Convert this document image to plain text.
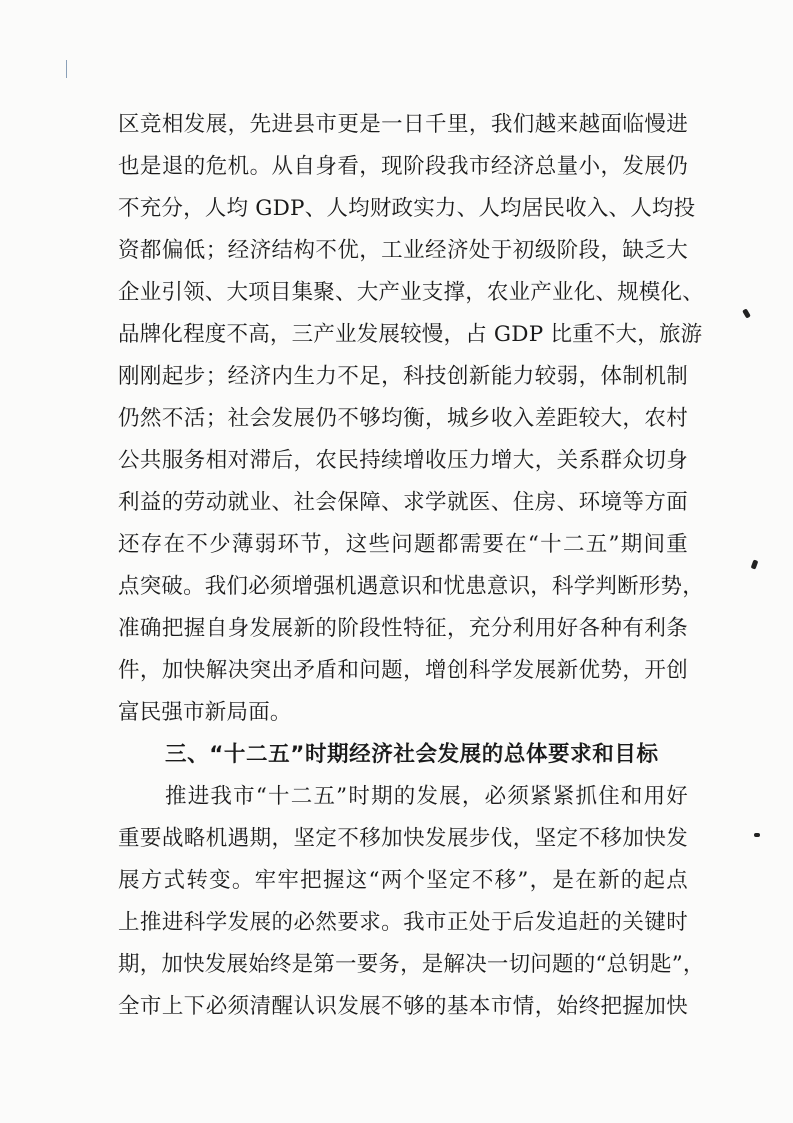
区竞相发展，先进县市更是一日千里，我们越来越面临慢进
也是退的危机。从自身看，现阶段我市经济总量小，发展仍
不充分，人均 GDP、人均财政实力、人均居民收入、人均投
资都偏低；经济结构不优，工业经济处于初级阶段，缺乏大
企业引领、大项目集聚、大产业支撑，农业产业化、规模化、
品牌化程度不高，三产业发展较慢，占 GDP 比重不大，旅游
刚刚起步；经济内生力不足，科技创新能力较弱，体制机制
仍然不活；社会发展仍不够均衡，城乡收入差距较大，农村
公共服务相对滞后，农民持续增收压力增大，关系群众切身
利益的劳动就业、社会保障、求学就医、住房、环境等方面
还存在不少薄弱环节，这些问题都需要在“十二五”期间重
点突破。我们必须增强机遇意识和忧患意识，科学判断形势，
准确把握自身发展新的阶段性特征，充分利用好各种有利条
件，加快解决突出矛盾和问题，增创科学发展新优势，开创
富民强市新局面。
三、“十二五”时期经济社会发展的总体要求和目标
推进我市“十二五”时期的发展，必须紧紧抓住和用好
重要战略机遇期，坚定不移加快发展步伐，坚定不移加快发
展方式转变。牢牢把握这“两个坚定不移”，是在新的起点
上推进科学发展的必然要求。我市正处于后发追赶的关键时
期，加快发展始终是第一要务，是解决一切问题的“总钥匙”，
全市上下必须清醒认识发展不够的基本市情，始终把握加快
